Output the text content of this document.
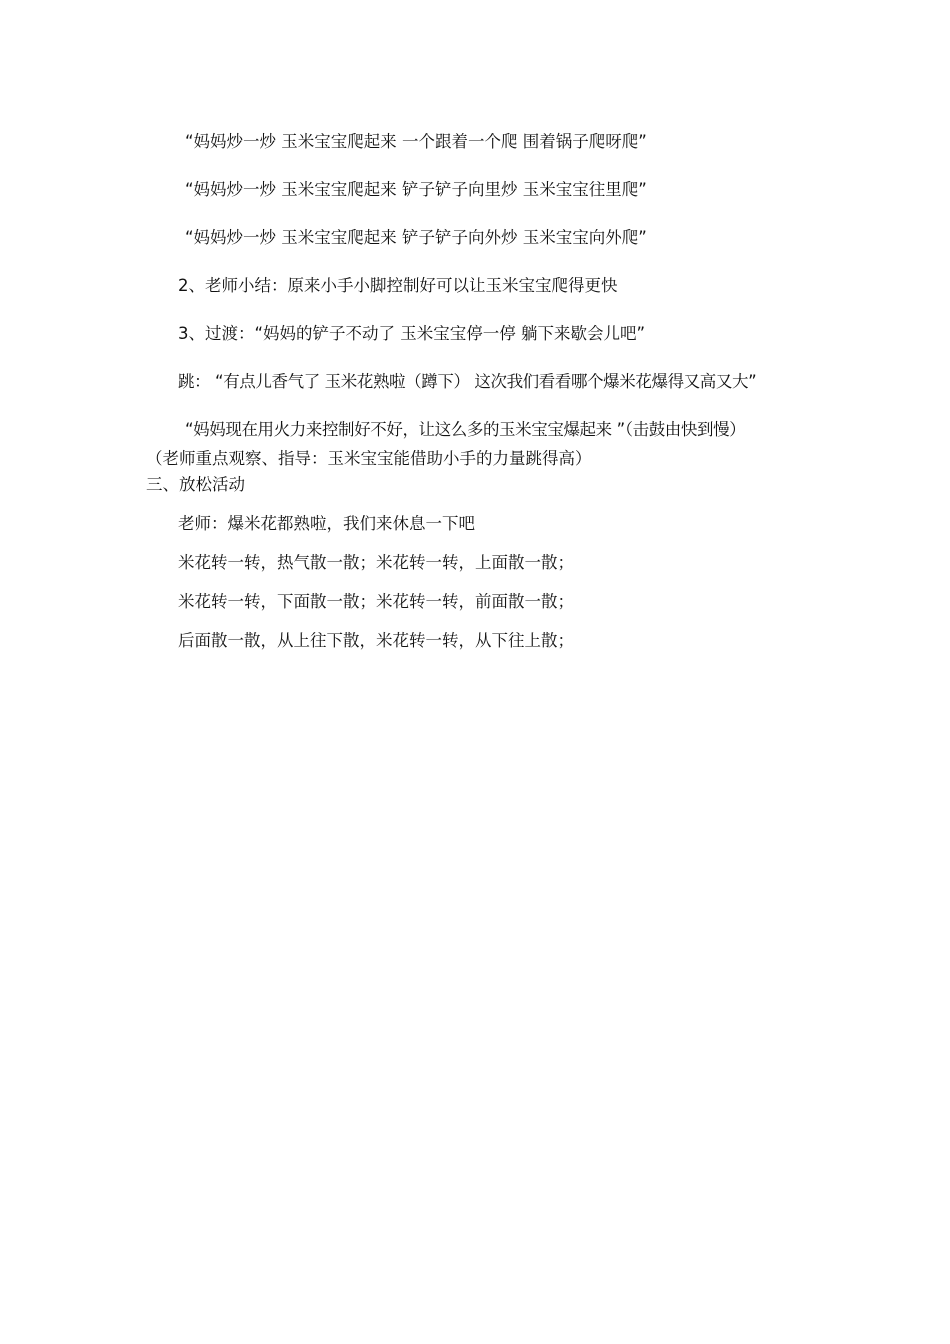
“妈妈炒一炒 玉米宝宝爬起来 一个跟着一个爬 围着锅子爬呀爬”
“妈妈炒一炒 玉米宝宝爬起来 铲子铲子向里炒 玉米宝宝往里爬”
“妈妈炒一炒 玉米宝宝爬起来 铲子铲子向外炒 玉米宝宝向外爬”
2、老师小结：原来小手小脚控制好可以让玉米宝宝爬得更快
3、过渡：“妈妈的铲子不动了 玉米宝宝停一停 躺下来歇会儿吧”
跳： “有点儿香气了 玉米花熟啦（蹲下） 这次我们看看哪个爆米花爆得又高又大”
“妈妈现在用火力来控制好不好，让这么多的玉米宝宝爆起来 ”（击鼓由快到慢）
（老师重点观察、指导：玉米宝宝能借助小手的力量跳得高）
三、放松活动
老师：爆米花都熟啦，我们来休息一下吧
米花转一转，热气散一散；米花转一转，上面散一散；
米花转一转，下面散一散；米花转一转，前面散一散；
后面散一散，从上往下散，米花转一转，从下往上散；
